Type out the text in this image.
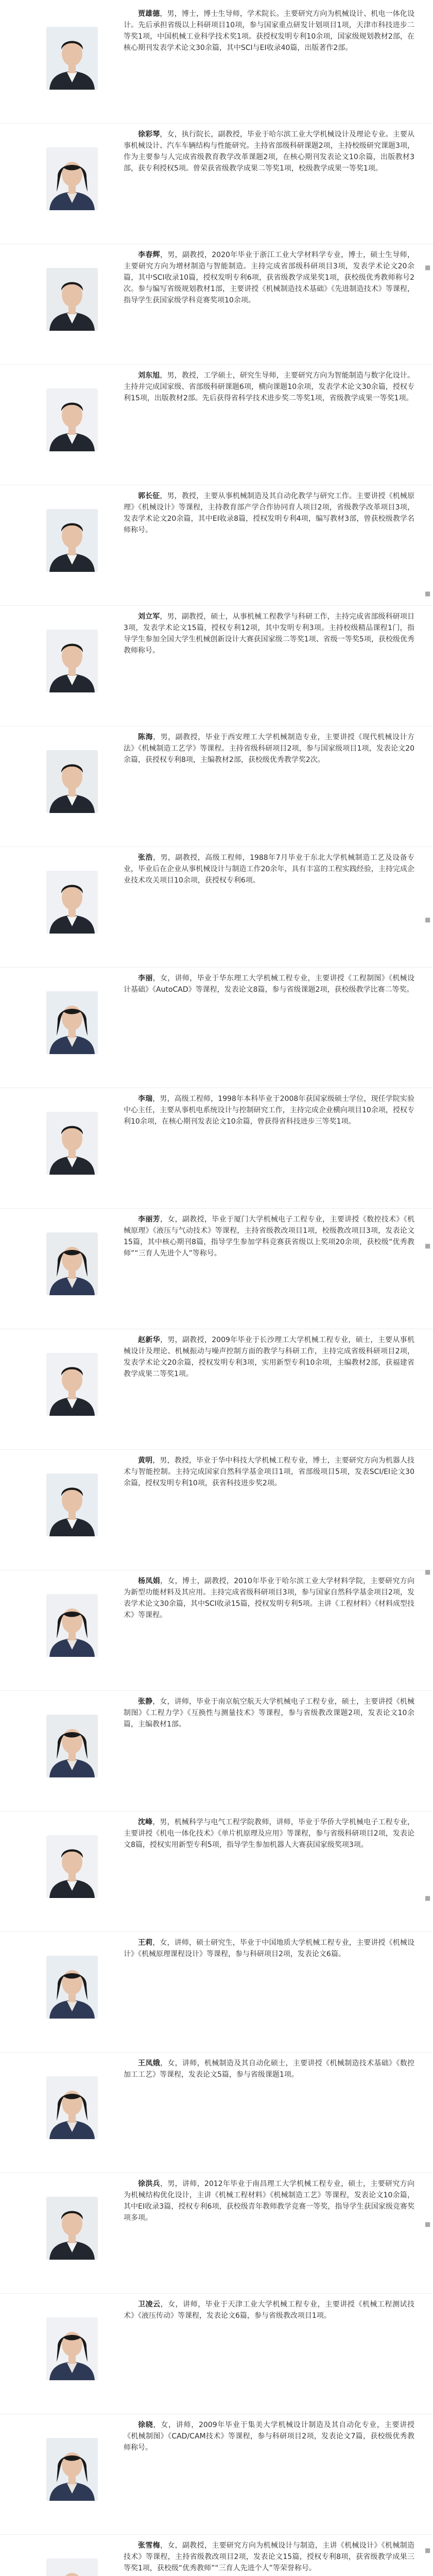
贾雄德，男，博士，博士生导师，学术院长。主要研究方向为机械设计、机电一体化设计。先后承担省级以上科研项目10项，参与国家重点研发计划项目1项，天津市科技进步二等奖1项，中国机械工业科学技术奖1项。获授权发明专利10余项，国家级规划教材2部，在核心期刊发表学术论文30余篇，其中SCI与EI收录40篇，出版著作2部。

徐彩琴，女，执行院长，副教授，毕业于哈尔滨工业大学机械设计及理论专业。主要从事机械设计、汽车车辆结构与性能研究。主持省部级科研课题2项，主持校级研究课题3项，作为主要参与人完成省级教育教学改革课题2项，在核心期刊发表论文10余篇，出版教材3部，获专利授权5项。曾荣获省级教学成果二等奖1项，校级教学成果一等奖1项。

李春辉，男，副教授，2020年毕业于浙江工业大学材料学专业，博士，硕士生导师，主要研究方向为增材制造与智能制造。主持完成省部级科研项目3项，发表学术论文20余篇，其中SCI收录10篇，授权发明专利6项，获省级教学成果奖1项，获校级优秀教师称号2次。参与编写省级规划教材1部，主要讲授《机械制造技术基础》《先进制造技术》等课程，指导学生获国家级学科竞赛奖项10余项。

刘东旭，男，教授，工学硕士，研究生导师，主要研究方向为智能制造与数字化设计。主持并完成国家级、省部级科研课题6项，横向课题10余项，发表学术论文30余篇，授权专利15项，出版教材2部。先后获得省科学技术进步奖二等奖1项，省级教学成果一等奖1项。

郭长征，男，教授，主要从事机械制造及其自动化教学与研究工作。主要讲授《机械原理》《机械设计》等课程，主持教育部产学合作协同育人项目2项，省级教学改革项目3项，发表学术论文20余篇，其中EI收录8篇，授权发明专利4项，编写教材3部，曾获校级教学名师称号。

刘立军，男，副教授，硕士，从事机械工程教学与科研工作，主持完成省部级科研项目3项，发表学术论文15篇，授权专利12项，其中发明专利3项。主持校级精品课程1门，指导学生参加全国大学生机械创新设计大赛获国家级二等奖1项、省级一等奖5项，获校级优秀教师称号。

陈海，男，副教授，毕业于西安理工大学机械制造专业，主要讲授《现代机械设计方法》《机械制造工艺学》等课程。主持省级科研项目2项，参与国家级项目1项，发表论文20余篇，获授权专利8项，主编教材2部，获校级优秀教学奖2次。

张浩，男，副教授，高级工程师，1988年7月毕业于东北大学机械制造工艺及设备专业，毕业后在企业从事机械设计与制造工作20余年，具有丰富的工程实践经验，主持完成企业技术攻关项目10余项，获授权专利6项。

李丽，女，讲师，毕业于华东理工大学机械工程专业，主要讲授《工程制图》《机械设计基础》《AutoCAD》等课程，发表论文8篇，参与省级课题2项，获校级教学比赛二等奖。

李瑞，男，高级工程师，1998年本科毕业于2008年获国家级硕士学位，现任学院实验中心主任，主要从事机电系统设计与控制研究工作，主持完成企业横向项目10余项，授权专利10余项，在核心期刊发表论文10余篇，曾获得省科技进步三等奖1项。

李丽芳，女，副教授，毕业于厦门大学机械电子工程专业，主要讲授《数控技术》《机械原理》《液压与气动技术》等课程，主持省级教改项目1项，校级教改项目3项，发表论文15篇，其中核心期刊8篇，指导学生参加学科竞赛获省级以上奖项20余项，获校级“优秀教师”“三育人先进个人”等称号。

赵新华，男，副教授，2009年毕业于长沙理工大学机械工程专业，硕士，主要从事机械设计及理论、机械振动与噪声控制方面的教学与科研工作，主持完成省级科研项目2项，发表学术论文20余篇，授权发明专利3项，实用新型专利10余项，主编教材2部，获福建省教学成果二等奖1项。

黄明，男，教授，毕业于华中科技大学机械工程专业，博士，主要研究方向为机器人技术与智能控制。主持完成国家自然科学基金项目1项，省部级项目5项，发表SCI/EI论文30余篇，授权发明专利10项，获省科技进步奖2项。

杨凤娟，女，博士，副教授，2010年毕业于哈尔滨工业大学材料学院，主要研究方向为新型功能材料及其应用。主持完成省级科研项目3项，参与国家自然科学基金项目2项，发表学术论文30余篇，其中SCI收录15篇，授权发明专利5项。主讲《工程材料》《材料成型技术》等课程。

张静，女，讲师，毕业于南京航空航天大学机械电子工程专业，硕士，主要讲授《机械制图》《工程力学》《互换性与测量技术》等课程，参与省级教改课题2项，发表论文10余篇，主编教材1部。

沈峰，男，机械科学与电气工程学院教师，讲师，毕业于华侨大学机械电子工程专业，主要讲授《机电一体化技术》《单片机原理及应用》等课程，参与省级科研项目2项，发表论文8篇，授权实用新型专利5项，指导学生参加机器人大赛获国家级奖项3项。

王莉，女，讲师，硕士研究生，毕业于中国地质大学机械工程专业，主要讲授《机械设计》《机械原理课程设计》等课程，参与科研项目2项，发表论文6篇。

王凤娥，女，讲师，机械制造及其自动化硕士，主要讲授《机械制造技术基础》《数控加工工艺》等课程，发表论文5篇，参与省级课题1项。

徐洪兵，男，讲师，2012年毕业于南昌理工大学机械工程专业，硕士，主要研究方向为机械结构优化设计，主讲《机械工程材料》《机械制造工艺》等课程，发表论文10余篇，其中EI收录3篇，授权专利6项，获校级青年教师教学竞赛一等奖，指导学生获国家级竞赛奖项多项。

卫凌云，女，讲师，毕业于天津工业大学机械工程专业，主要讲授《机械工程测试技术》《液压传动》等课程，发表论文6篇，参与省级教改项目1项。

徐晓，女，讲师，2009年毕业于集美大学机械设计制造及其自动化专业，主要讲授《机械制图》《CAD/CAM技术》等课程，参与科研项目2项，发表论文7篇，获校级优秀教师称号。

张雪梅，女，副教授，主要研究方向为机械设计与制造，主讲《机械设计》《机械制造技术》等课程，主持省级教改项目2项，发表论文15篇，授权专利8项，获省级教学成果三等奖1项，获校级“优秀教师”“三育人先进个人”等荣誉称号。

■
■
■
■
■
■
■
■
